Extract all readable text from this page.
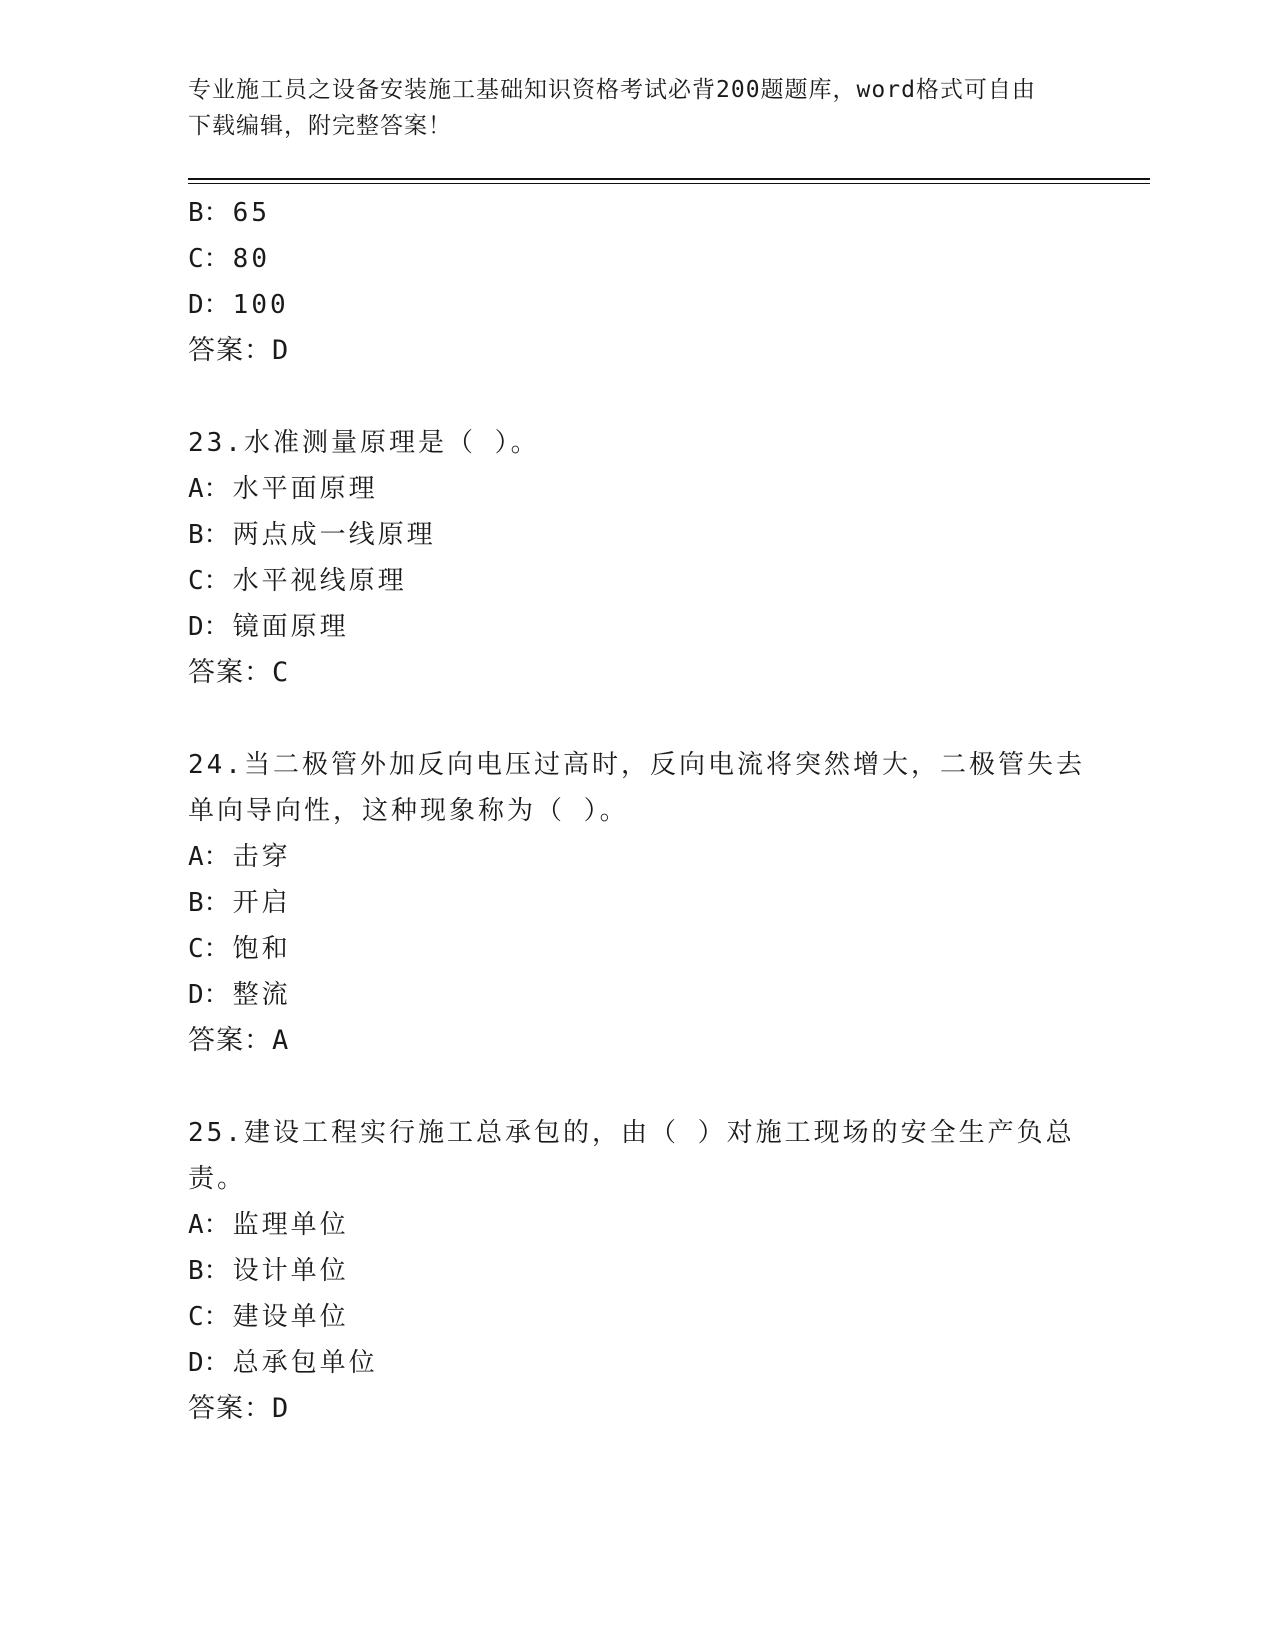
专业施工员之设备安装施工基础知识资格考试必背200题题库，word格式可自由
下载编辑，附完整答案！
B：65
C：80
D：100
答案：D
23.水准测量原理是（ ）。
A：水平面原理
B：两点成一线原理
C：水平视线原理
D：镜面原理
答案：C
24.当二极管外加反向电压过高时，反向电流将突然增大，二极管失去
单向导向性，这种现象称为（ ）。
A：击穿
B：开启
C：饱和
D：整流
答案：A
25.建设工程实行施工总承包的，由（ ）对施工现场的安全生产负总
责。
A：监理单位
B：设计单位
C：建设单位
D：总承包单位
答案：D
